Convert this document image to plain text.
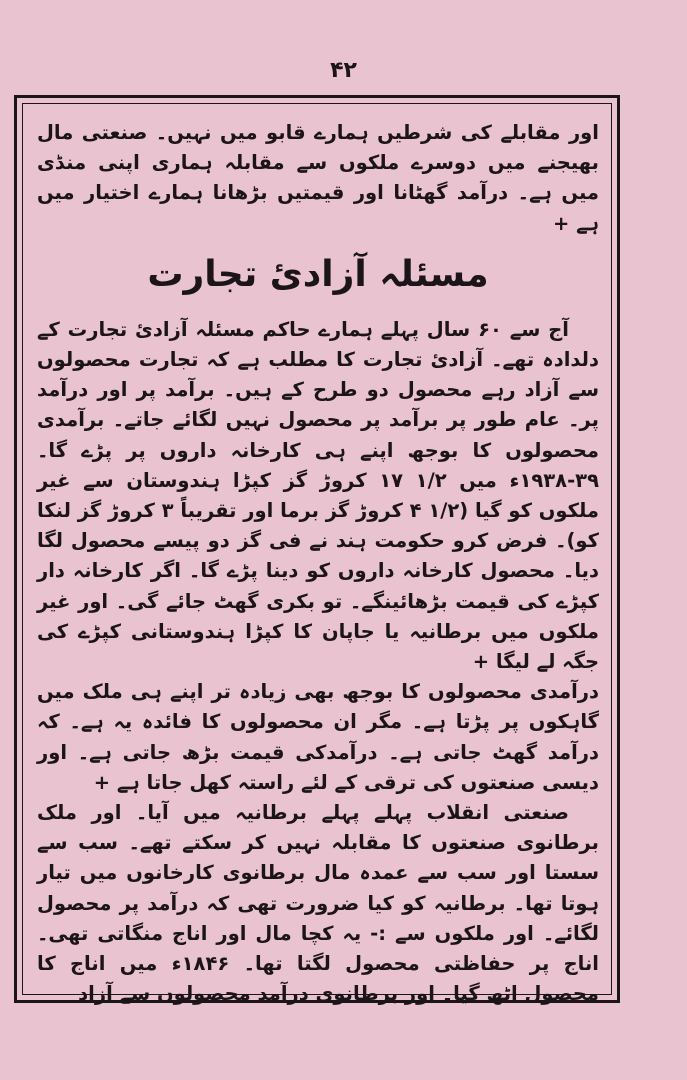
۴۲

اور مقابلے کی شرطیں ہمارے قابو میں نہیں۔ صنعتی مال بھیجنے میں دوسرے ملکوں سے مقابلہ ہماری اپنی منڈی میں ہے۔ درآمد گھٹانا اور قیمتیں بڑھانا ہمارے اختیار میں ہے +

مسئلہ آزادیٔ تجارت

آج سے ۶۰ سال پہلے ہمارے حاکم مسئلہ آزادیٔ تجارت کے دلدادہ تھے۔ آزادیٔ تجارت کا مطلب ہے کہ تجارت محصولوں سے آزاد رہے محصول دو طرح کے ہیں۔ برآمد پر اور درآمد پر۔ عام طور پر برآمد پر محصول نہیں لگائے جاتے۔ برآمدی محصولوں کا بوجھ اپنے ہی کارخانہ داروں پر پڑے گا۔ ۳۹-۱۹۳۸ء میں ۱/۲ ۱۷ کروڑ گز کپڑا ہندوستان سے غیر ملکوں کو گیا (۱/۲ ۴ کروڑ گز برما اور تقریباً ۳ کروڑ گز لنکا کو)۔ فرض کرو حکومت ہند نے فی گز دو پیسے محصول لگا دیا۔ محصول کارخانہ داروں کو دینا پڑے گا۔ اگر کارخانہ دار کپڑے کی قیمت بڑھائینگے۔ تو بکری گھٹ جائے گی۔ اور غیر ملکوں میں برطانیہ یا جاپان کا کپڑا ہندوستانی کپڑے کی جگہ لے لیگا +

درآمدی محصولوں کا بوجھ بھی زیادہ تر اپنے ہی ملک میں گاہکوں پر پڑتا ہے۔ مگر ان محصولوں کا فائدہ یہ ہے۔ کہ درآمد گھٹ جاتی ہے۔ درآمدکی قیمت بڑھ جاتی ہے۔ اور دیسی صنعتوں کی ترقی کے لئے راستہ کھل جاتا ہے +

صنعتی انقلاب پہلے پہلے برطانیہ میں آیا۔ اور ملک برطانوی صنعتوں کا مقابلہ نہیں کر سکتے تھے۔ سب سے سستا اور سب سے عمدہ مال برطانوی کارخانوں میں تیار ہوتا تھا۔ برطانیہ کو کیا ضرورت تھی کہ درآمد پر محصول لگائے۔ اور ملکوں سے :- یہ کچا مال اور اناج منگاتی تھی۔ اناج پر حفاظتی محصول لگتا تھا۔ ۱۸۴۶ء میں اناج کا محصول اٹھ گیا۔ اور برطانوی درآمد محصولوں سے آزاد
